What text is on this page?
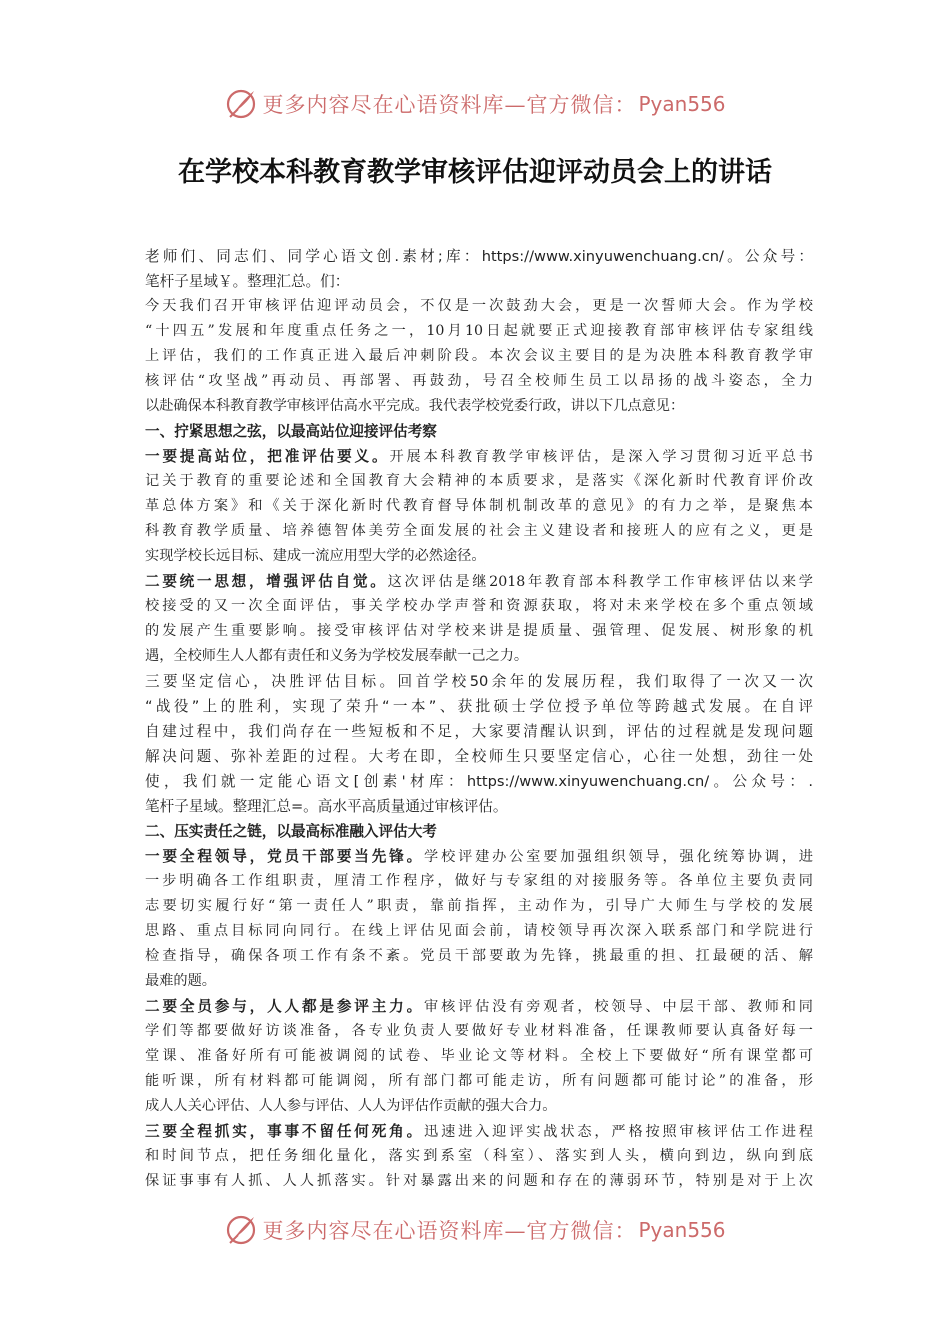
更多内容尽在心语资料库—官方微信： Pyan556
在学校本科教育教学审核评估迎评动员会上的讲话
老师们、同志们、同学心语文创.素材;库：https://www.xinyuwenchuang.cn/。公众号：
笔杆子星域￥。整理汇总。们：
今天我们召开审核评估迎评动员会，不仅是一次鼓劲大会，更是一次誓师大会。作为学校
“十四五”发展和年度重点任务之一，10月10日起就要正式迎接教育部审核评估专家组线
上评估，我们的工作真正进入最后冲刺阶段。本次会议主要目的是为决胜本科教育教学审
核评估“攻坚战”再动员、再部署、再鼓劲，号召全校师生员工以昂扬的战斗姿态，全力
以赴确保本科教育教学审核评估高水平完成。我代表学校党委行政，讲以下几点意见：
一、拧紧思想之弦，以最高站位迎接评估考察
一要提高站位，把准评估要义。开展本科教育教学审核评估，是深入学习贯彻习近平总书
记关于教育的重要论述和全国教育大会精神的本质要求，是落实《深化新时代教育评价改
革总体方案》和《关于深化新时代教育督导体制机制改革的意见》的有力之举，是聚焦本
科教育教学质量、培养德智体美劳全面发展的社会主义建设者和接班人的应有之义，更是
实现学校长远目标、建成一流应用型大学的必然途径。
二要统一思想，增强评估自觉。这次评估是继2018年教育部本科教学工作审核评估以来学
校接受的又一次全面评估，事关学校办学声誉和资源获取，将对未来学校在多个重点领域
的发展产生重要影响。接受审核评估对学校来讲是提质量、强管理、促发展、树形象的机
遇，全校师生人人都有责任和义务为学校发展奉献一己之力。
三要坚定信心，决胜评估目标。回首学校50余年的发展历程，我们取得了一次又一次
“战役”上的胜利，实现了荣升“一本”、获批硕士学位授予单位等跨越式发展。在自评
自建过程中，我们尚存在一些短板和不足，大家要清醒认识到，评估的过程就是发现问题
解决问题、弥补差距的过程。大考在即，全校师生只要坚定信心，心往一处想，劲往一处
使，我们就一定能心语文[创素'材库：https://www.xinyuwenchuang.cn/。公众号：.
笔杆子星域。整理汇总=。高水平高质量通过审核评估。
二、压实责任之链，以最高标准融入评估大考
一要全程领导，党员干部要当先锋。学校评建办公室要加强组织领导，强化统筹协调，进
一步明确各工作组职责，厘清工作程序，做好与专家组的对接服务等。各单位主要负责同
志要切实履行好“第一责任人”职责，靠前指挥，主动作为，引导广大师生与学校的发展
思路、重点目标同向同行。在线上评估见面会前，请校领导再次深入联系部门和学院进行
检查指导，确保各项工作有条不紊。党员干部要敢为先锋，挑最重的担、扛最硬的活、解
最难的题。
二要全员参与，人人都是参评主力。审核评估没有旁观者，校领导、中层干部、教师和同
学们等都要做好访谈准备，各专业负责人要做好专业材料准备，任课教师要认真备好每一
堂课、准备好所有可能被调阅的试卷、毕业论文等材料。全校上下要做好“所有课堂都可
能听课，所有材料都可能调阅，所有部门都可能走访，所有问题都可能讨论”的准备，形
成人人关心评估、人人参与评估、人人为评估作贡献的强大合力。
三要全程抓实，事事不留任何死角。迅速进入迎评实战状态，严格按照审核评估工作进程
和时间节点，把任务细化量化，落实到系室（科室）、落实到人头，横向到边，纵向到底
保证事事有人抓、人人抓落实。针对暴露出来的问题和存在的薄弱环节，特别是对于上次
更多内容尽在心语资料库—官方微信： Pyan556
